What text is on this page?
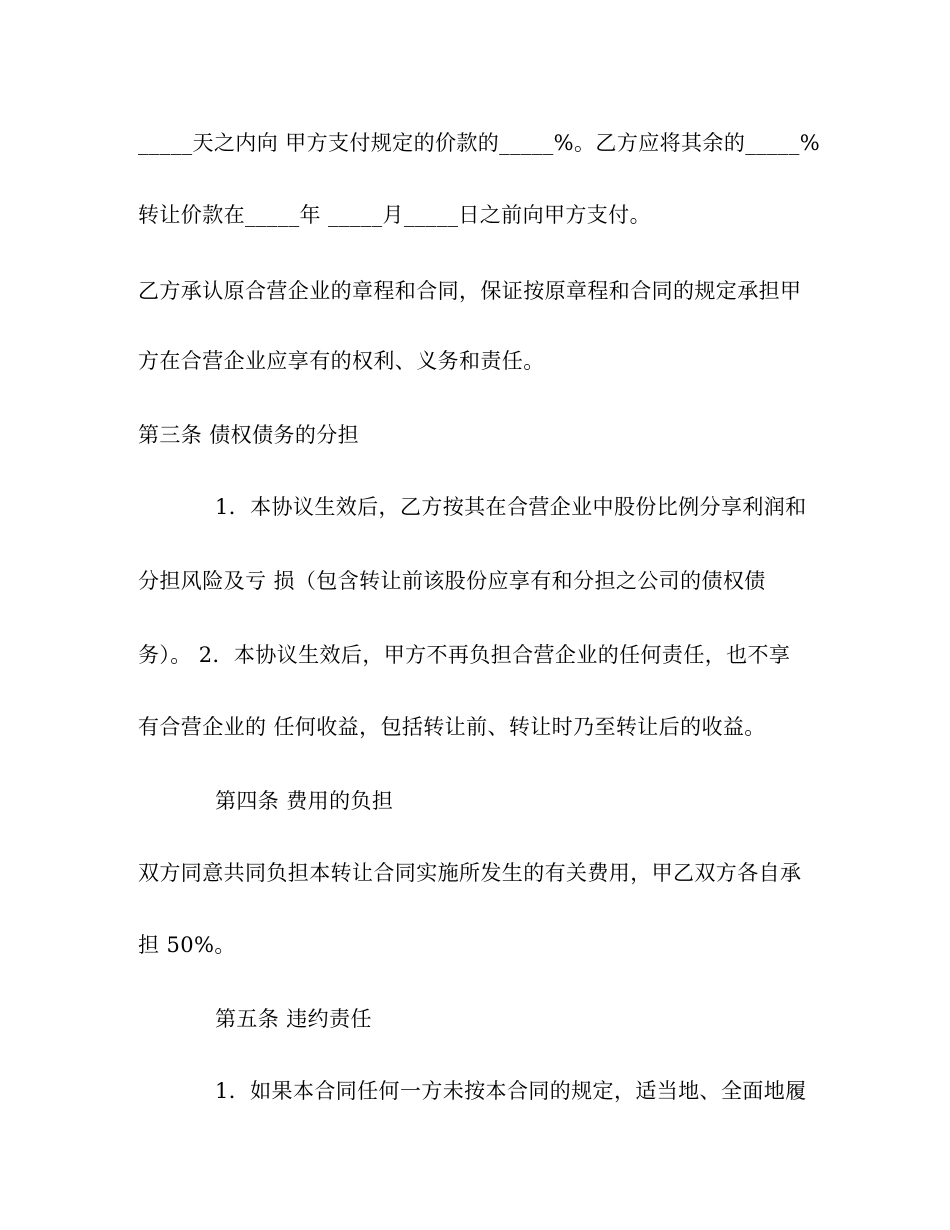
_____天之内向 甲方支付规定的价款的_____%。乙方应将其余的_____%
转让价款在_____年 _____月_____日之前向甲方支付。
乙方承认原合营企业的章程和合同，保证按原章程和合同的规定承担甲
方在合营企业应享有的权利、义务和责任。
第三条 债权债务的分担
1．本协议生效后，乙方按其在合营企业中股份比例分享利润和
分担风险及亏 损（包含转让前该股份应享有和分担之公司的债权债
务）。 2．本协议生效后，甲方不再负担合营企业的任何责任，也不享
有合营企业的 任何收益，包括转让前、转让时乃至转让后的收益。
第四条 费用的负担
双方同意共同负担本转让合同实施所发生的有关费用，甲乙双方各自承
担 50%。
第五条 违约责任
1．如果本合同任何一方未按本合同的规定，适当地、全面地履
